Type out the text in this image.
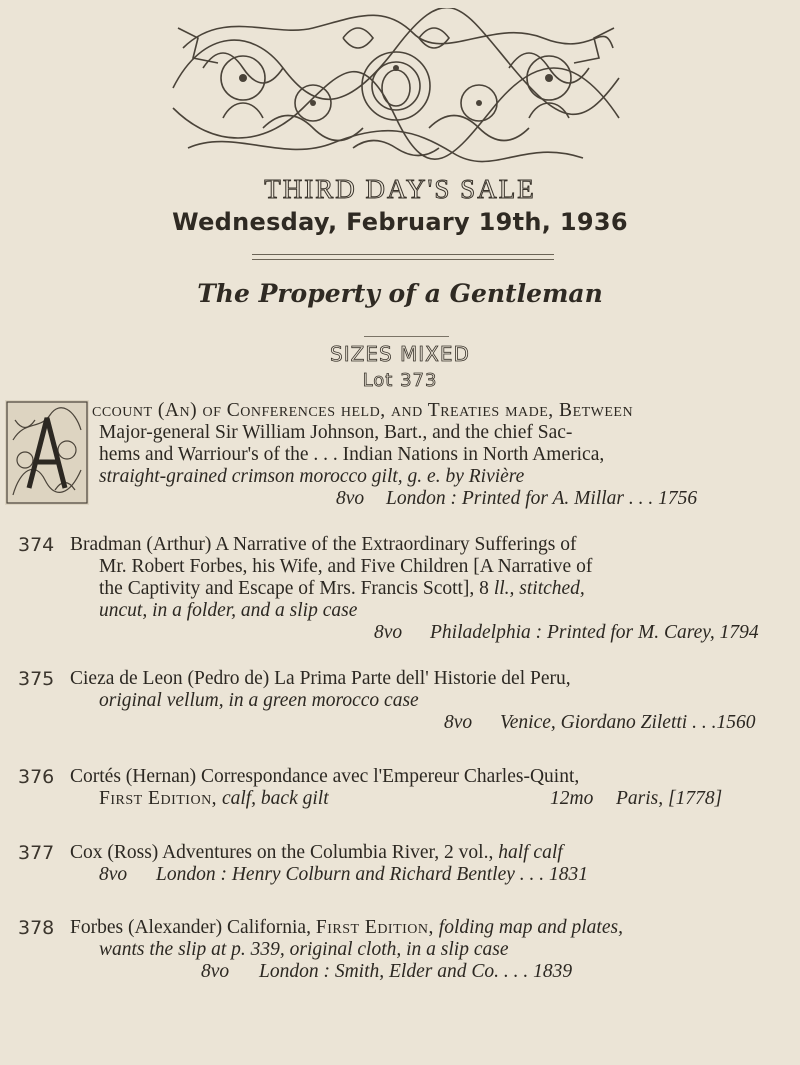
THIRD DAY'S SALE
Wednesday, February 19th, 1936
The Property of a Gentleman
SIZES MIXED
Lot 373
ccount (An) of Conferences held, and Treaties made, Between
Major-general Sir William Johnson, Bart., and the chief Sac-
hems and Warriour's of the . . . Indian Nations in North America,
straight-grained crimson morocco gilt, g. e. by Rivière
8vo London : Printed for A. Millar . . . 1756
374 Bradman (Arthur) A Narrative of the Extraordinary Sufferings of
Mr. Robert Forbes, his Wife, and Five Children [A Narrative of
the Captivity and Escape of Mrs. Francis Scott], 8 ll., stitched,
uncut, in a folder, and a slip case
8vo Philadelphia : Printed for M. Carey, 1794
375 Cieza de Leon (Pedro de) La Prima Parte dell' Historie del Peru,
original vellum, in a green morocco case
8vo Venice, Giordano Ziletti . . .1560
376 Cortés (Hernan) Correspondance avec l'Empereur Charles-Quint,
First Edition, calf, back gilt	12mo Paris, [1778]
377 Cox (Ross) Adventures on the Columbia River, 2 vol., half calf
8vo London : Henry Colburn and Richard Bentley . . . 1831
378 Forbes (Alexander) California, First Edition, folding map and plates,
wants the slip at p. 339, original cloth, in a slip case
8vo London : Smith, Elder and Co. . . . 1839
